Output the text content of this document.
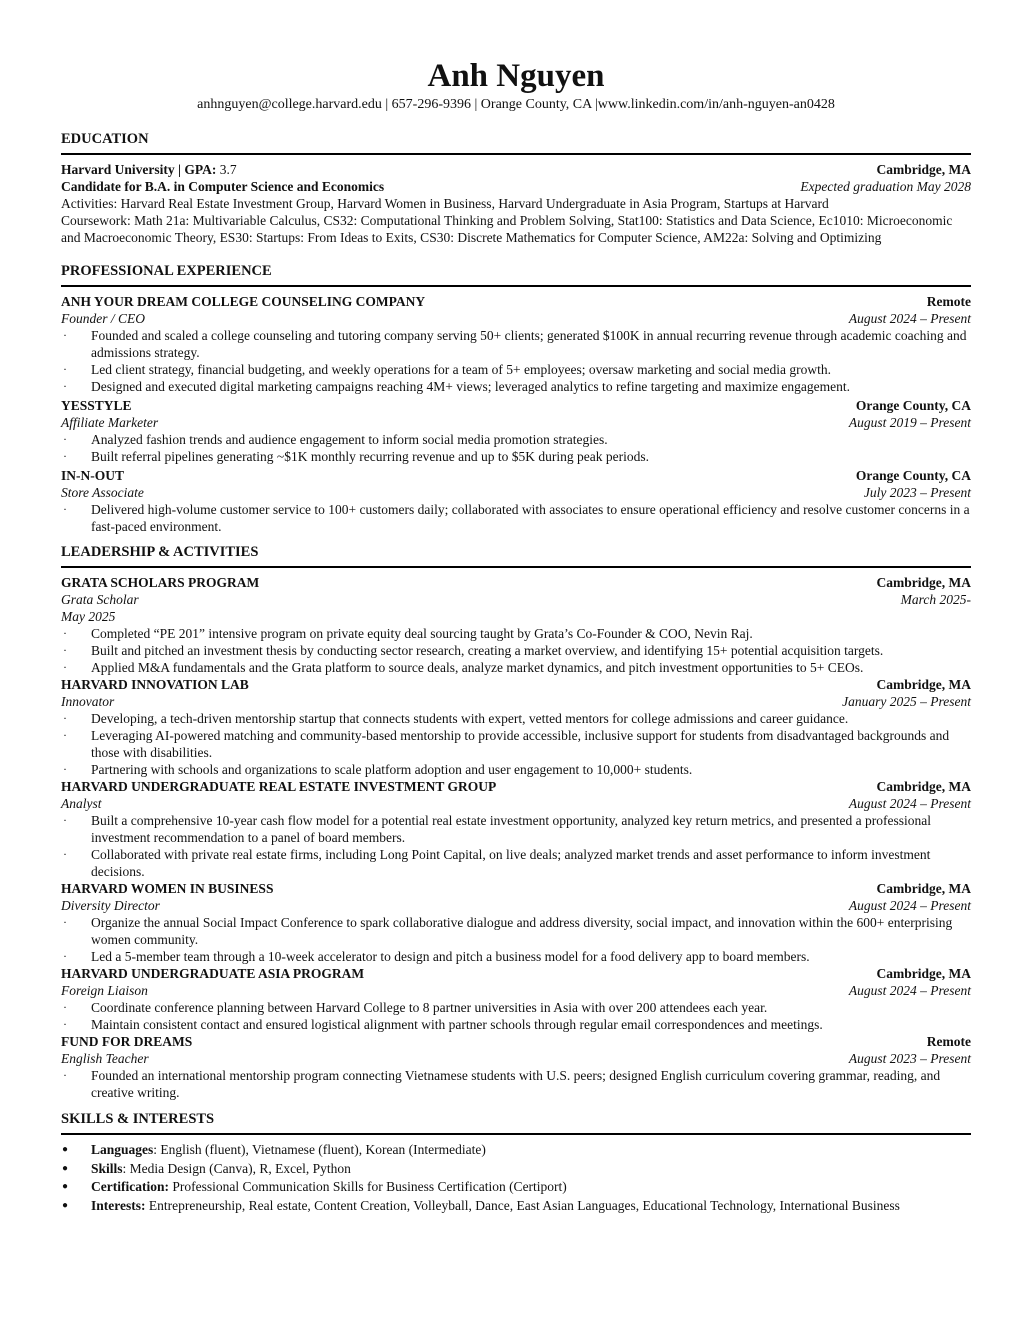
Anh Nguyen
anhnguyen@college.harvard.edu | 657-296-9396 | Orange County, CA |www.linkedin.com/in/anh-nguyen-an0428
EDUCATION
Harvard University | GPA: 3.7	Cambridge, MA
Candidate for B.A. in Computer Science and Economics	Expected graduation May 2028
Activities: Harvard Real Estate Investment Group, Harvard Women in Business, Harvard Undergraduate in Asia Program, Startups at Harvard
Coursework: Math 21a: Multivariable Calculus, CS32: Computational Thinking and Problem Solving, Stat100: Statistics and Data Science, Ec1010: Microeconomic and Macroeconomic Theory, ES30: Startups: From Ideas to Exits, CS30: Discrete Mathematics for Computer Science, AM22a: Solving and Optimizing
PROFESSIONAL EXPERIENCE
ANH YOUR DREAM COLLEGE COUNSELING COMPANY	Remote
Founder / CEO	August 2024 – Present
· Founded and scaled a college counseling and tutoring company serving 50+ clients; generated $100K in annual recurring revenue through academic coaching and admissions strategy.
· Led client strategy, financial budgeting, and weekly operations for a team of 5+ employees; oversaw marketing and social media growth.
· Designed and executed digital marketing campaigns reaching 4M+ views; leveraged analytics to refine targeting and maximize engagement.
YESSTYLE	Orange County, CA
Affiliate Marketer	August 2019 – Present
· Analyzed fashion trends and audience engagement to inform social media promotion strategies.
· Built referral pipelines generating ~$1K monthly recurring revenue and up to $5K during peak periods.
IN-N-OUT	Orange County, CA
Store Associate	July 2023 – Present
· Delivered high-volume customer service to 100+ customers daily; collaborated with associates to ensure operational efficiency and resolve customer concerns in a fast-paced environment.
LEADERSHIP & ACTIVITIES
GRATA SCHOLARS PROGRAM	Cambridge, MA
Grata Scholar	March 2025-
May 2025
· Completed “PE 201” intensive program on private equity deal sourcing taught by Grata’s Co-Founder & COO, Nevin Raj.
· Built and pitched an investment thesis by conducting sector research, creating a market overview, and identifying 15+ potential acquisition targets.
· Applied M&A fundamentals and the Grata platform to source deals, analyze market dynamics, and pitch investment opportunities to 5+ CEOs.
HARVARD INNOVATION LAB	Cambridge, MA
Innovator	January 2025 – Present
· Developing, a tech-driven mentorship startup that connects students with expert, vetted mentors for college admissions and career guidance.
· Leveraging AI-powered matching and community-based mentorship to provide accessible, inclusive support for students from disadvantaged backgrounds and those with disabilities.
· Partnering with schools and organizations to scale platform adoption and user engagement to 10,000+ students.
HARVARD UNDERGRADUATE REAL ESTATE INVESTMENT GROUP	Cambridge, MA
Analyst	August 2024 – Present
· Built a comprehensive 10-year cash flow model for a potential real estate investment opportunity, analyzed key return metrics, and presented a professional investment recommendation to a panel of board members.
· Collaborated with private real estate firms, including Long Point Capital, on live deals; analyzed market trends and asset performance to inform investment decisions.
HARVARD WOMEN IN BUSINESS	Cambridge, MA
Diversity Director	August 2024 – Present
· Organize the annual Social Impact Conference to spark collaborative dialogue and address diversity, social impact, and innovation within the 600+ enterprising women community.
· Led a 5-member team through a 10-week accelerator to design and pitch a business model for a food delivery app to board members.
HARVARD UNDERGRADUATE ASIA PROGRAM	Cambridge, MA
Foreign Liaison	August 2024 – Present
· Coordinate conference planning between Harvard College to 8 partner universities in Asia with over 200 attendees each year.
· Maintain consistent contact and ensured logistical alignment with partner schools through regular email correspondences and meetings.
FUND FOR DREAMS	Remote
English Teacher	August 2023 – Present
· Founded an international mentorship program connecting Vietnamese students with U.S. peers; designed English curriculum covering grammar, reading, and creative writing.
SKILLS & INTERESTS
● Languages: English (fluent), Vietnamese (fluent), Korean (Intermediate)
● Skills: Media Design (Canva), R, Excel, Python
● Certification: Professional Communication Skills for Business Certification (Certiport)
● Interests: Entrepreneurship, Real estate, Content Creation, Volleyball, Dance, East Asian Languages, Educational Technology, International Business
